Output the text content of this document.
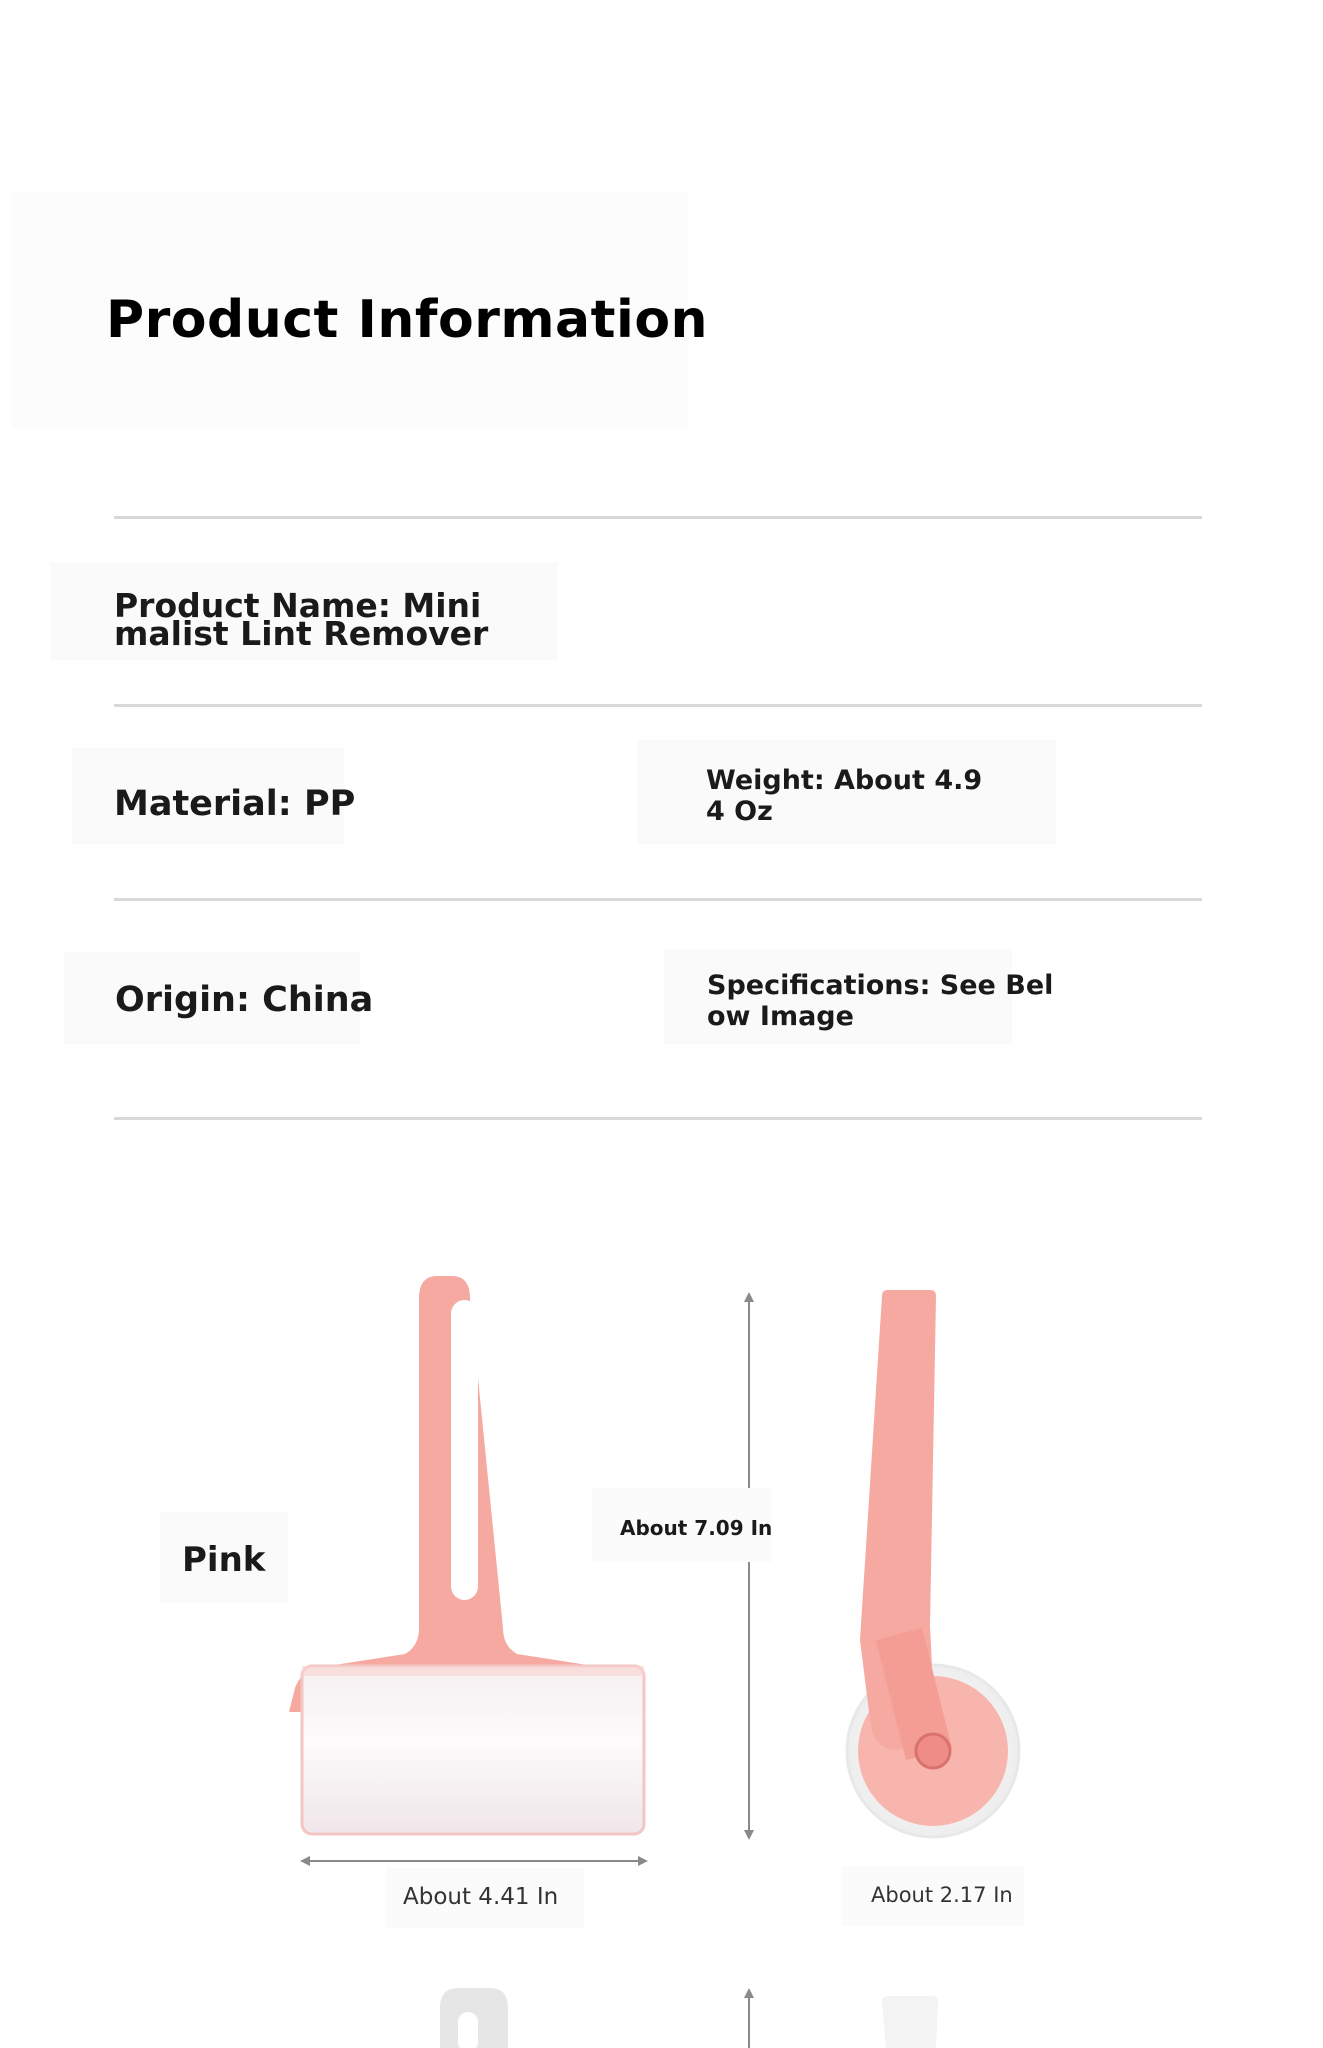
Product Information
Product Name: Mini
malist Lint Remover
Material: PP
Weight: About 4.9
4 Oz
Origin: China	Specifications: See Bel
ow Image
Pink
About 7.09 In
About 4.41 In	About 2.17 In
